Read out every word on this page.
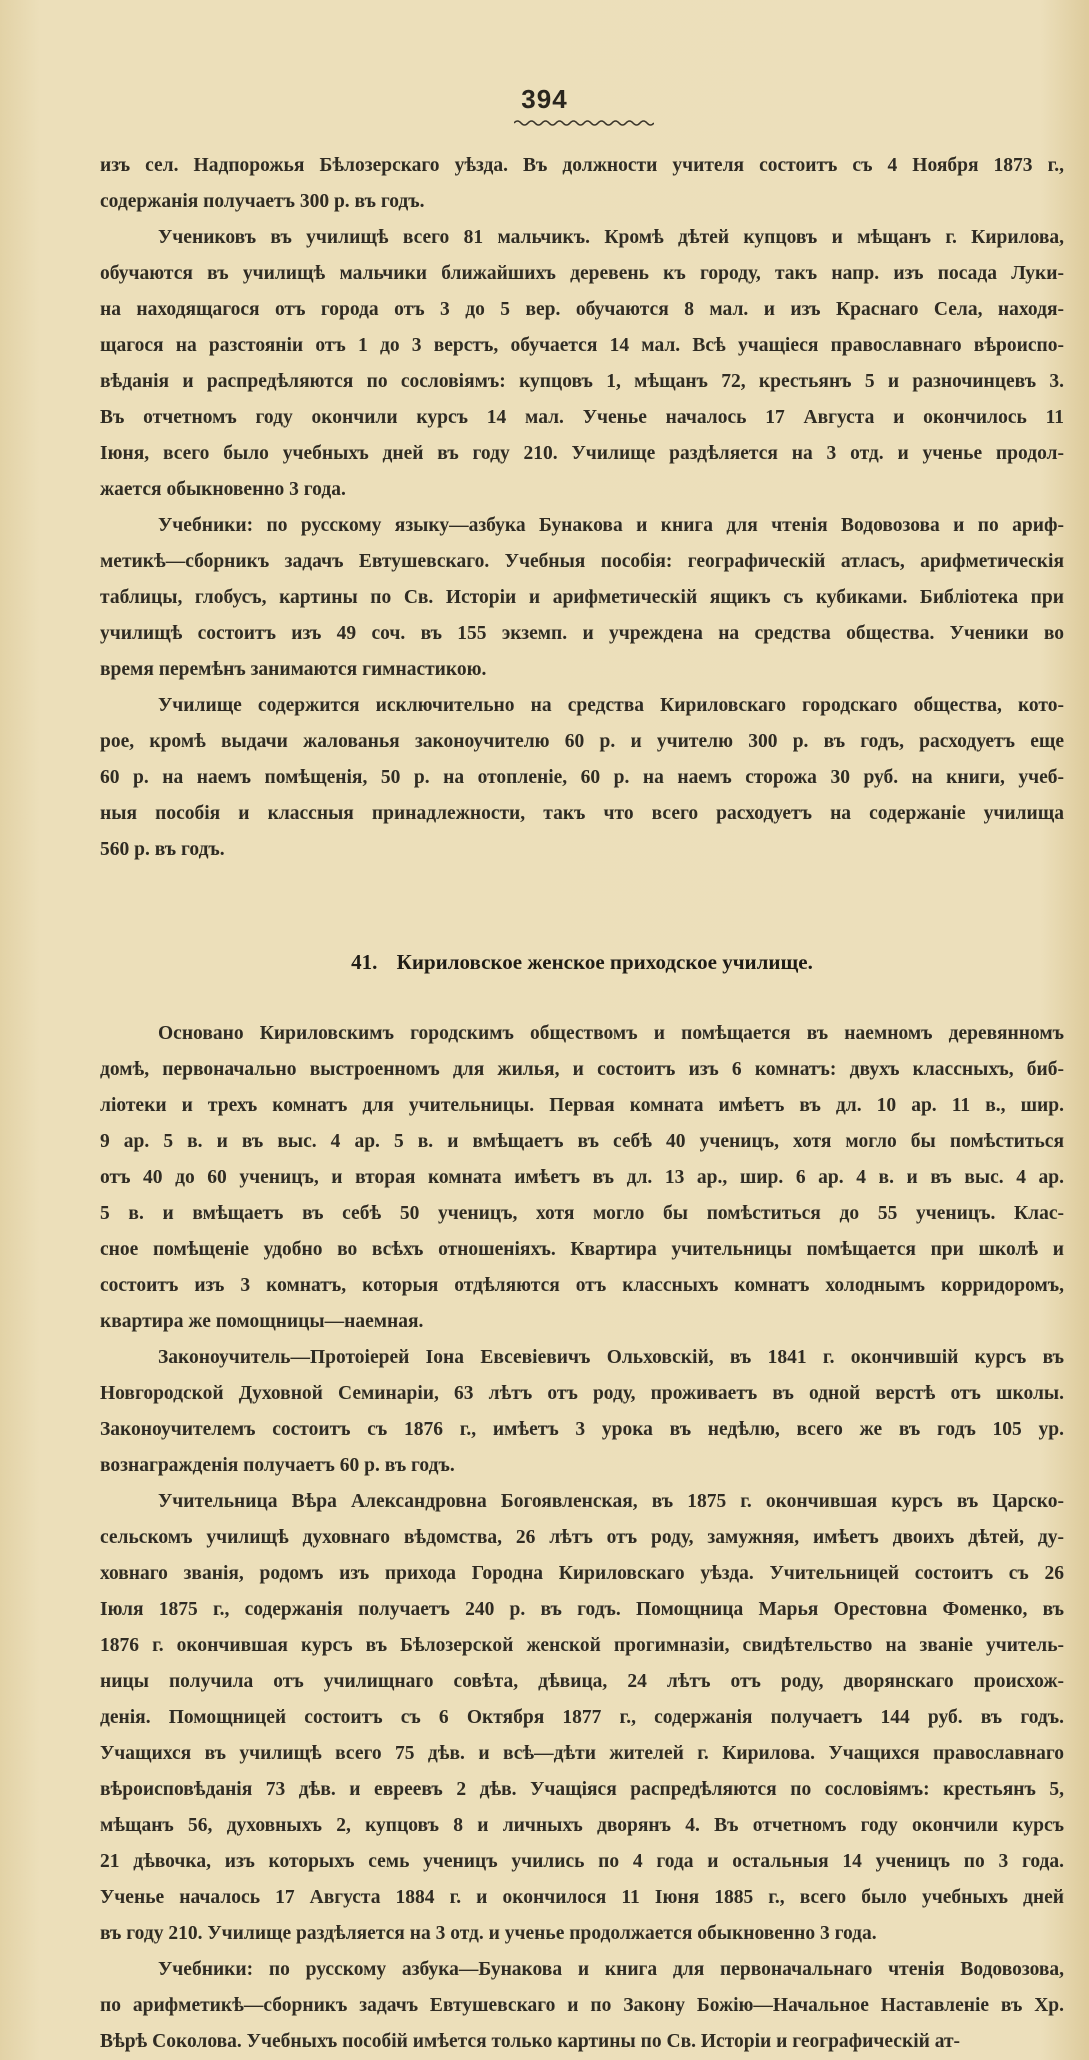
394
изъ сел. Надпорожья Бѣлозерскаго уѣзда. Въ должности учителя состоитъ съ 4 Ноября 1873 г.,
содержанія получаетъ 300 р. въ годъ.
Учениковъ въ училищѣ всего 81 мальчикъ. Кромѣ дѣтей купцовъ и мѣщанъ г. Кирилова,
обучаются въ училищѣ мальчики ближайшихъ деревень къ городу, такъ напр. изъ посада Луки-
на находящагося отъ города отъ 3 до 5 вер. обучаются 8 мал. и изъ Краснаго Села, находя-
щагося на разстояніи отъ 1 до 3 верстъ, обучается 14 мал. Всѣ учащіеся православнаго вѣроиспо-
вѣданія и распредѣляются по сословіямъ: купцовъ 1, мѣщанъ 72, крестьянъ 5 и разночинцевъ 3.
Въ отчетномъ году окончили курсъ 14 мал. Ученье началось 17 Августа и окончилось 11
Іюня, всего было учебныхъ дней въ году 210. Училище раздѣляется на 3 отд. и ученье продол-
жается обыкновенно 3 года.
Учебники: по русскому языку—азбука Бунакова и книга для чтенія Водовозова и по ариф-
метикѣ—сборникъ задачъ Евтушевскаго. Учебныя пособія: географическій атласъ, арифметическія
таблицы, глобусъ, картины по Св. Исторіи и арифметическій ящикъ съ кубиками. Библіотека при
училищѣ состоитъ изъ 49 соч. въ 155 экземп. и учреждена на средства общества. Ученики во
время перемѣнъ занимаются гимнастикою.
Училище содержится исключительно на средства Кириловскаго городскаго общества, кото-
рое, кромѣ выдачи жалованья законоучителю 60 р. и учителю 300 р. въ годъ, расходуетъ еще
60 р. на наемъ помѣщенія, 50 р. на отопленіе, 60 р. на наемъ сторожа 30 руб. на книги, учеб-
ныя пособія и классныя принадлежности, такъ что всего расходуетъ на содержаніе училища
560 р. въ годъ.
41. Кириловское женское приходское училище.
Основано Кириловскимъ городскимъ обществомъ и помѣщается въ наемномъ деревянномъ
домѣ, первоначально выстроенномъ для жилья, и состоитъ изъ 6 комнатъ: двухъ классныхъ, биб-
ліотеки и трехъ комнатъ для учительницы. Первая комната имѣетъ въ дл. 10 ар. 11 в., шир.
9 ар. 5 в. и въ выс. 4 ар. 5 в. и вмѣщаетъ въ себѣ 40 ученицъ, хотя могло бы помѣститься
отъ 40 до 60 ученицъ, и вторая комната имѣетъ въ дл. 13 ар., шир. 6 ар. 4 в. и въ выс. 4 ар.
5 в. и вмѣщаетъ въ себѣ 50 ученицъ, хотя могло бы помѣститься до 55 ученицъ. Клас-
сное помѣщеніе удобно во всѣхъ отношеніяхъ. Квартира учительницы помѣщается при школѣ и
состоитъ изъ 3 комнатъ, которыя отдѣляются отъ классныхъ комнатъ холоднымъ корридоромъ,
квартира же помощницы—наемная.
Законоучитель—Протоіерей Іона Евсевіевичъ Ольховскій, въ 1841 г. окончившій курсъ въ
Новгородской Духовной Семинаріи, 63 лѣтъ отъ роду, проживаетъ въ одной верстѣ отъ школы.
Законоучителемъ состоитъ съ 1876 г., имѣетъ 3 урока въ недѣлю, всего же въ годъ 105 ур.
вознагражденія получаетъ 60 р. въ годъ.
Учительница Вѣра Александровна Богоявленская, въ 1875 г. окончившая курсъ въ Царско-
сельскомъ училищѣ духовнаго вѣдомства, 26 лѣтъ отъ роду, замужняя, имѣетъ двоихъ дѣтей, ду-
ховнаго званія, родомъ изъ прихода Городна Кириловскаго уѣзда. Учительницей состоитъ съ 26
Іюля 1875 г., содержанія получаетъ 240 р. въ годъ. Помощница Марья Орестовна Фоменко, въ
1876 г. окончившая курсъ въ Бѣлозерской женской прогимназіи, свидѣтельство на званіе учитель-
ницы получила отъ училищнаго совѣта, дѣвица, 24 лѣтъ отъ роду, дворянскаго происхож-
денія. Помощницей состоитъ съ 6 Октября 1877 г., содержанія получаетъ 144 руб. въ годъ.
Учащихся въ училищѣ всего 75 дѣв. и всѣ—дѣти жителей г. Кирилова. Учащихся православнаго
вѣроисповѣданія 73 дѣв. и евреевъ 2 дѣв. Учащіяся распредѣляются по сословіямъ: крестьянъ 5,
мѣщанъ 56, духовныхъ 2, купцовъ 8 и личныхъ дворянъ 4. Въ отчетномъ году окончили курсъ
21 дѣвочка, изъ которыхъ семь ученицъ учились по 4 года и остальныя 14 ученицъ по 3 года.
Ученье началось 17 Августа 1884 г. и окончилося 11 Іюня 1885 г., всего было учебныхъ дней
въ году 210. Училище раздѣляется на 3 отд. и ученье продолжается обыкновенно 3 года.
Учебники: по русскому азбука—Бунакова и книга для первоначальнаго чтенія Водовозова,
по арифметикѣ—сборникъ задачъ Евтушевскаго и по Закону Божію—Начальное Наставленіе въ Хр.
Вѣрѣ Соколова. Учебныхъ пособій имѣется только картины по Св. Исторіи и географическій ат-
